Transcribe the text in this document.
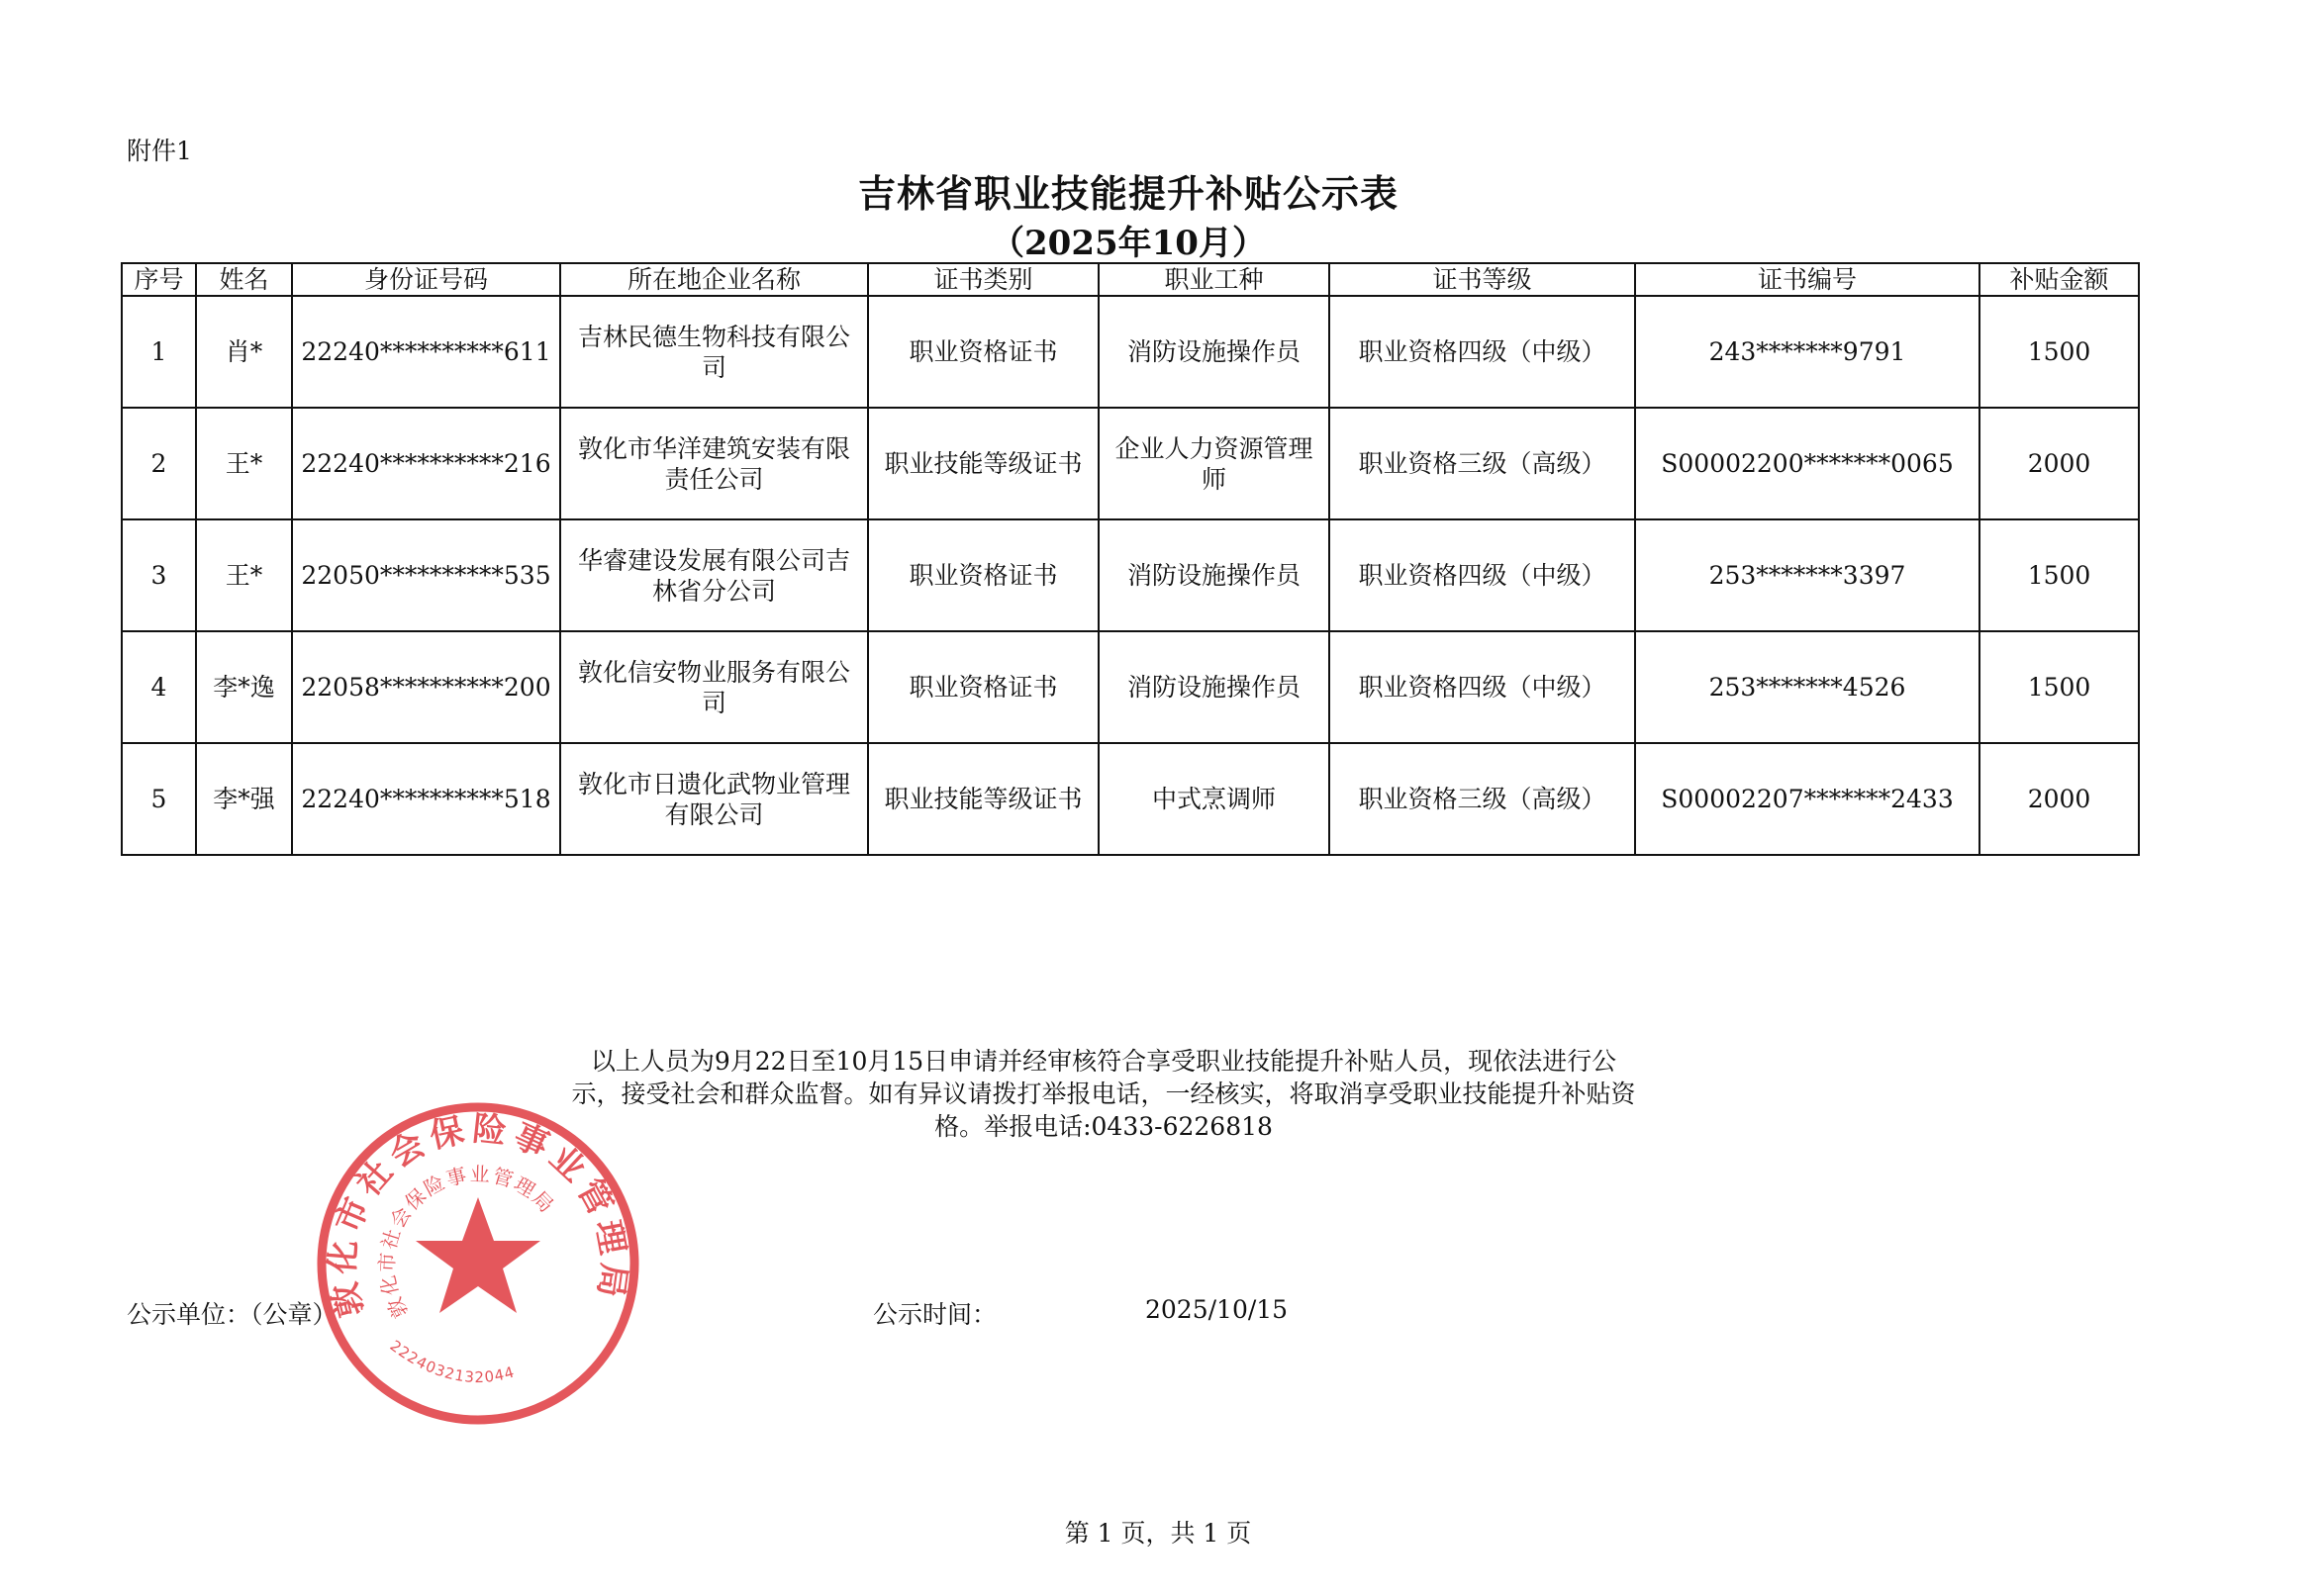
附件1
吉林省职业技能提升补贴公示表
（2025年10月）
序号	姓名	身份证号码	所在地企业名称	证书类别	职业工种	证书等级	证书编号	补贴金额
1	肖*	22240**********611	吉林民德生物科技有限公司	职业资格证书	消防设施操作员	职业资格四级（中级）	243*******9791	1500
2	王*	22240**********216	敦化市华洋建筑安装有限责任公司	职业技能等级证书	企业人力资源管理师	职业资格三级（高级）	S00002200*******0065	2000
3	王*	22050**********535	华睿建设发展有限公司吉林省分公司	职业资格证书	消防设施操作员	职业资格四级（中级）	253*******3397	1500
4	李*逸	22058**********200	敦化信安物业服务有限公司	职业资格证书	消防设施操作员	职业资格四级（中级）	253*******4526	1500
5	李*强	22240**********518	敦化市日遗化武物业管理有限公司	职业技能等级证书	中式烹调师	职业资格三级（高级）	S00002207*******2433	2000
以上人员为9月22日至10月15日申请并经审核符合享受职业技能提升补贴人员，现依法进行公示，接受社会和群众监督。如有异议请拨打举报电话，一经核实，将取消享受职业技能提升补贴资格。举报电话:0433-6226818
公示单位：（公章）	公示时间：	2025/10/15
第 1 页，共 1 页
敦化市社会保险事业管理局
敦化市社会保险事业管理局
2224032132044
